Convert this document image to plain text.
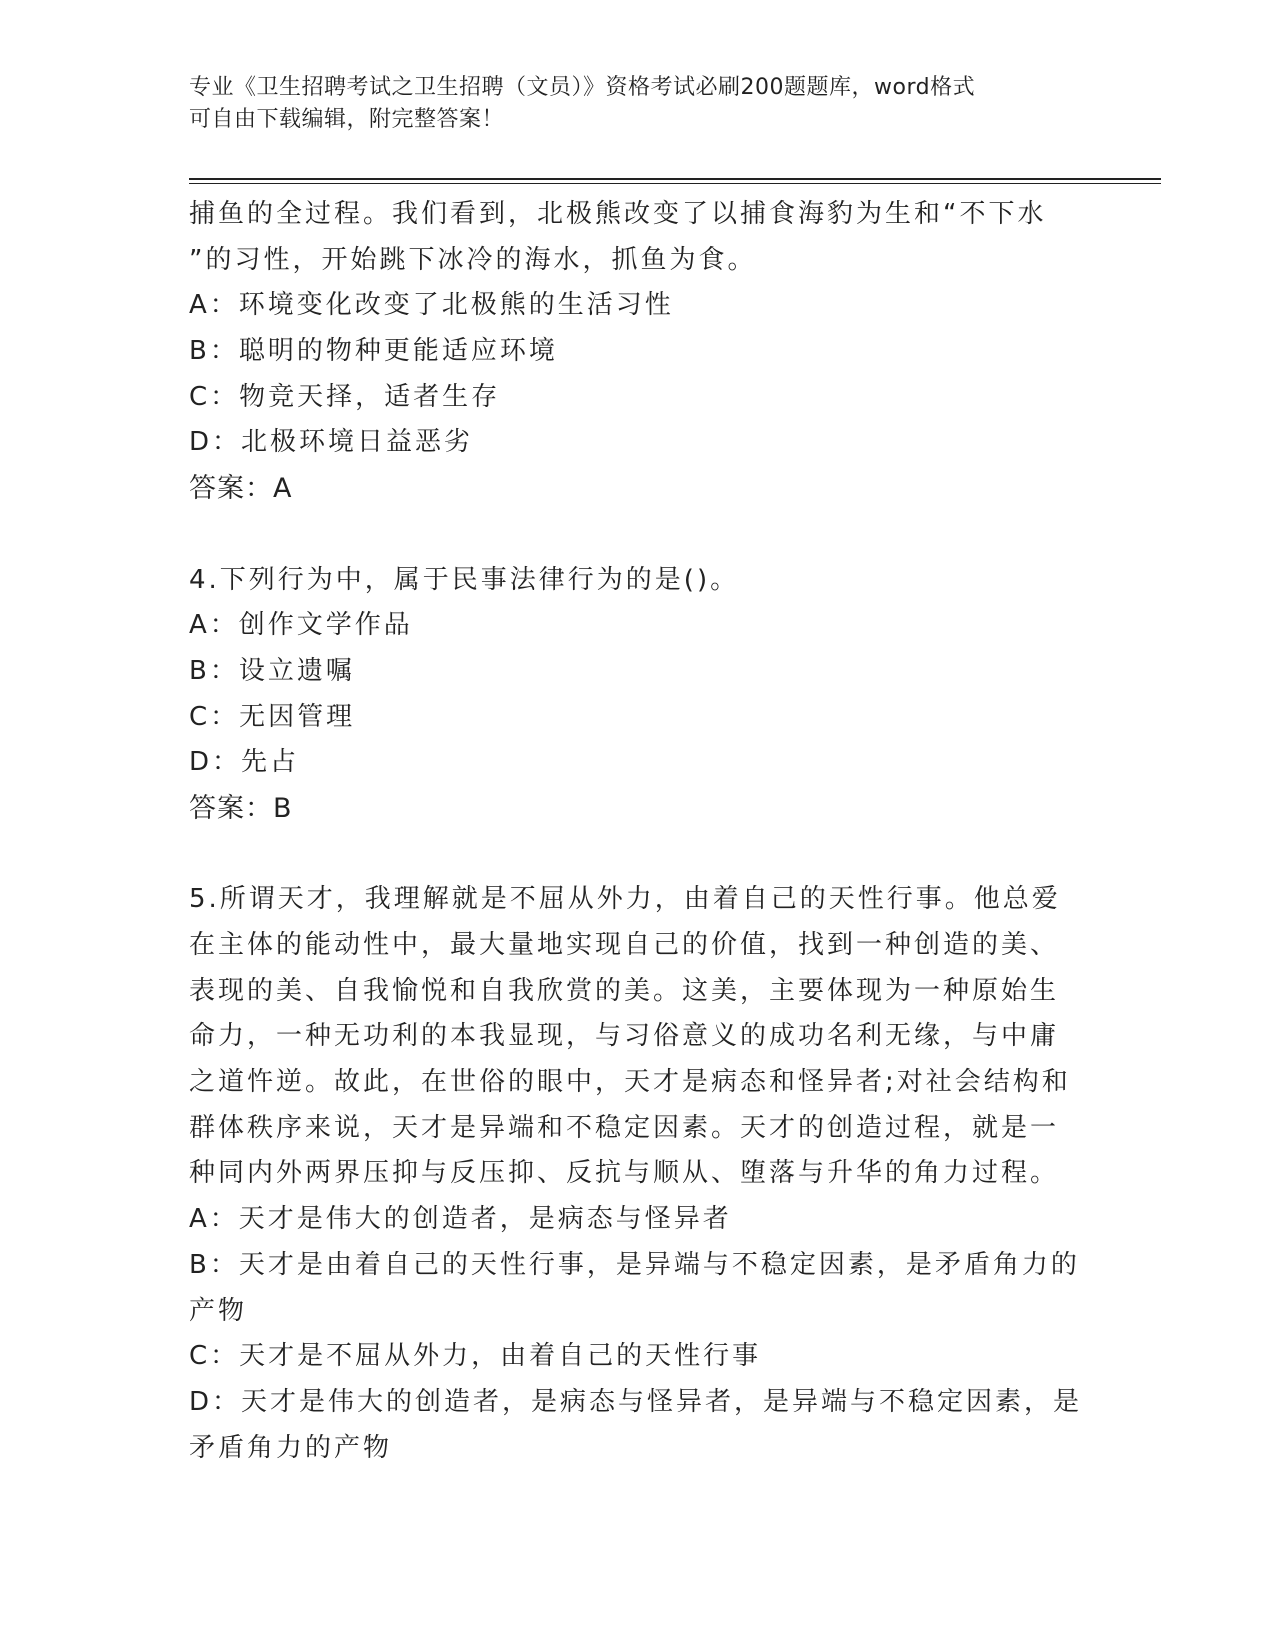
专业《卫生招聘考试之卫生招聘（文员）》资格考试必刷200题题库，word格式
可自由下载编辑，附完整答案！
捕鱼的全过程。我们看到，北极熊改变了以捕食海豹为生和“不下水
”的习性，开始跳下冰冷的海水，抓鱼为食。
A：环境变化改变了北极熊的生活习性
B：聪明的物种更能适应环境
C：物竞天择，适者生存
D：北极环境日益恶劣
答案：A
4.下列行为中，属于民事法律行为的是()。
A：创作文学作品
B：设立遗嘱
C：无因管理
D：先占
答案：B
5.所谓天才，我理解就是不屈从外力，由着自己的天性行事。他总爱
在主体的能动性中，最大量地实现自己的价值，找到一种创造的美、
表现的美、自我愉悦和自我欣赏的美。这美，主要体现为一种原始生
命力，一种无功利的本我显现，与习俗意义的成功名利无缘，与中庸
之道忤逆。故此，在世俗的眼中，天才是病态和怪异者;对社会结构和
群体秩序来说，天才是异端和不稳定因素。天才的创造过程，就是一
种同内外两界压抑与反压抑、反抗与顺从、堕落与升华的角力过程。
A：天才是伟大的创造者，是病态与怪异者
B：天才是由着自己的天性行事，是异端与不稳定因素，是矛盾角力的
产物
C：天才是不屈从外力，由着自己的天性行事
D：天才是伟大的创造者，是病态与怪异者，是异端与不稳定因素，是
矛盾角力的产物
